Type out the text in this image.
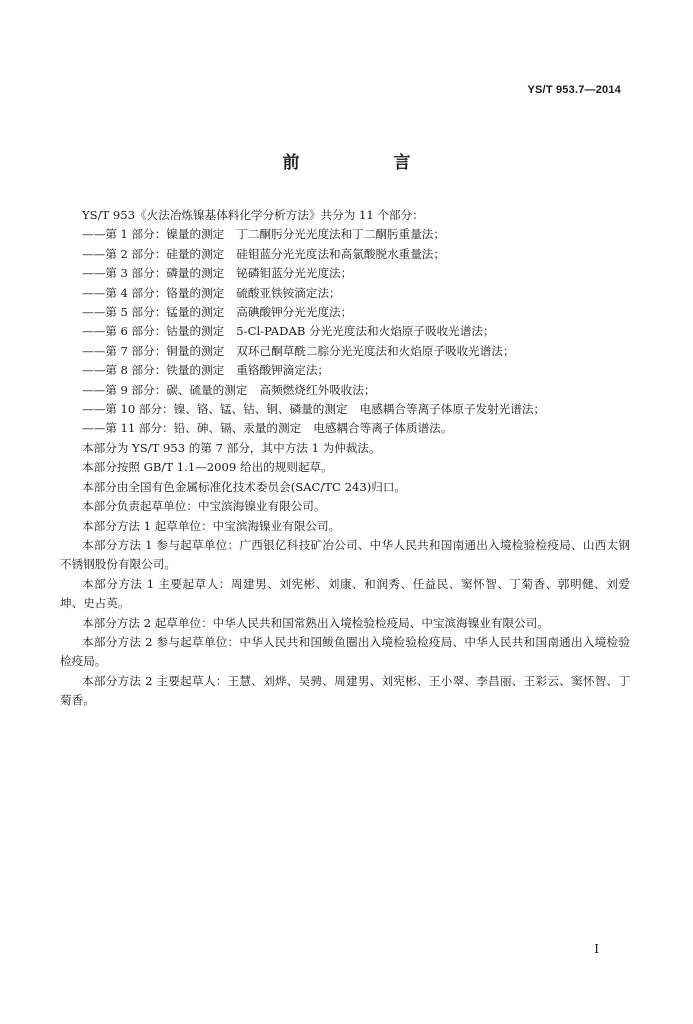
YS/T 953.7—2014
前 言

YS/T 953《火法冶炼镍基体料化学分析方法》共分为 11 个部分：

——第 1 部分：镍量的测定 丁二酮肟分光光度法和丁二酮肟重量法；
——第 2 部分：硅量的测定 硅钼蓝分光光度法和高氯酸脱水重量法；
——第 3 部分：磷量的测定 铋磷钼蓝分光光度法；
——第 4 部分：铬量的测定 硫酸亚铁铵滴定法；
——第 5 部分：锰量的测定 高碘酸钾分光光度法；
——第 6 部分：钴量的测定 5-Cl-PADAB 分光光度法和火焰原子吸收光谱法；
——第 7 部分：铜量的测定 双环己酮草酰二腙分光光度法和火焰原子吸收光谱法；
——第 8 部分：铁量的测定 重铬酸钾滴定法；
——第 9 部分：碳、硫量的测定 高频燃烧红外吸收法；
——第 10 部分：镍、铬、锰、钴、铜、磷量的测定 电感耦合等离子体原子发射光谱法；
——第 11 部分：铅、砷、镉、汞量的测定 电感耦合等离子体质谱法。

本部分为 YS/T 953 的第 7 部分，其中方法 1 为仲裁法。

本部分按照 GB/T 1.1—2009 给出的规则起草。

本部分由全国有色金属标准化技术委员会(SAC/TC 243)归口。

本部分负责起草单位：中宝滨海镍业有限公司。

本部分方法 1 起草单位：中宝滨海镍业有限公司。

本部分方法 1 参与起草单位：广西银亿科技矿冶公司、中华人民共和国南通出入境检验检疫局、山西太钢不锈钢股份有限公司。

本部分方法 1 主要起草人：周建男、刘宪彬、刘康、和润秀、任益民、窦怀智、丁菊香、郭明健、刘爱坤、史占英。

本部分方法 2 起草单位：中华人民共和国常熟出入境检验检疫局、中宝滨海镍业有限公司。

本部分方法 2 参与起草单位：中华人民共和国鲅鱼圈出入境检验检疫局、中华人民共和国南通出入境检验检疫局。

本部分方法 2 主要起草人：王慧、刘烨、吴骋、周建男、刘宪彬、王小翠、李昌丽、王彩云、窦怀智、丁菊香。

I
